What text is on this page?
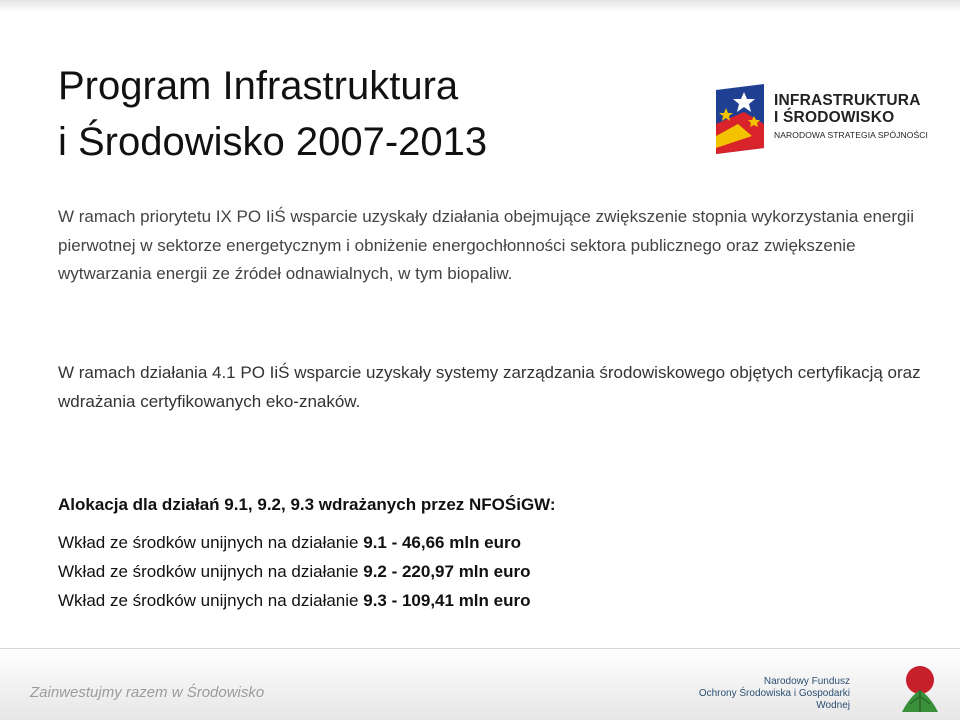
Program Infrastruktura
i Środowisko 2007-2013
INFRASTRUKTURA
I ŚRODOWISKO
NARODOWA STRATEGIA SPÓJNOŚCI

W ramach priorytetu IX PO IiŚ wsparcie uzyskały działania obejmujące zwiększenie stopnia wykorzystania energii pierwotnej w sektorze energetycznym i obniżenie energochłonności sektora publicznego oraz zwiększenie wytwarzania energii ze źródeł odnawialnych, w tym biopaliw.

W ramach działania 4.1 PO IiŚ wsparcie uzyskały systemy zarządzania środowiskowego objętych certyfikacją oraz wdrażania certyfikowanych eko-znaków.

Alokacja dla działań 9.1, 9.2, 9.3 wdrażanych przez NFOŚiGW:

Wkład ze środków unijnych na działanie 9.1 - 46,66 mln euro
Wkład ze środków unijnych na działanie 9.2 - 220,97 mln euro
Wkład ze środków unijnych na działanie 9.3 - 109,41 mln euro
Zainwestujmy razem w Środowisko
Narodowy Fundusz
Ochrony Środowiska i Gospodarki Wodnej
